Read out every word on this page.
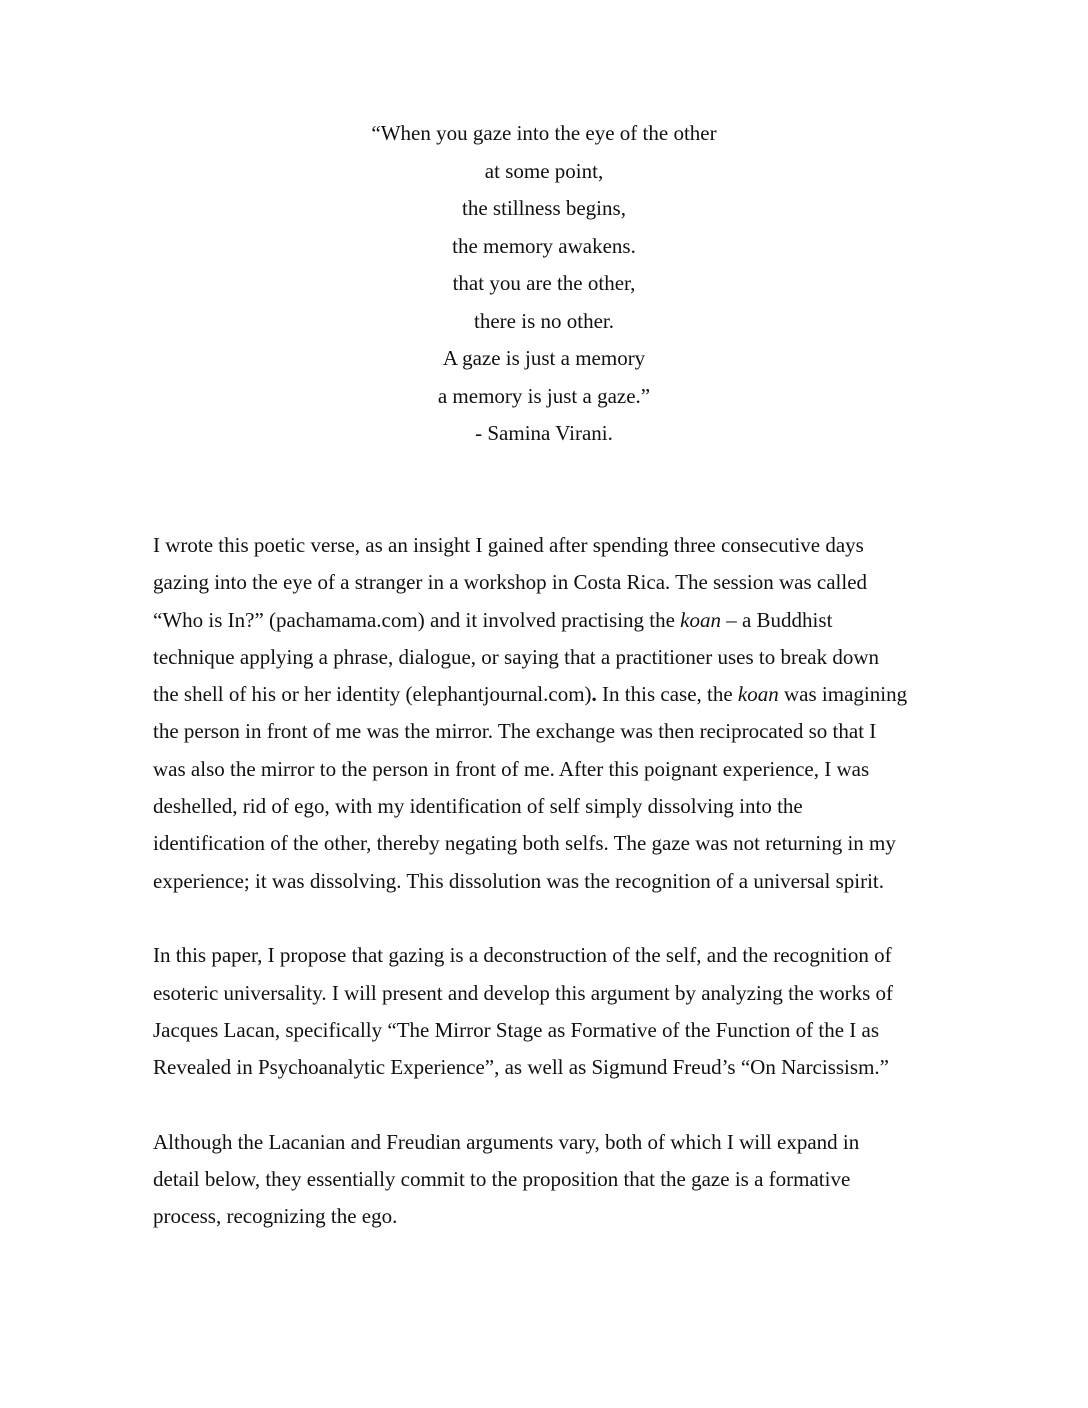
“When you gaze into the eye of the other
at some point,
the stillness begins,
the memory awakens.
that you are the other,
there is no other.
A gaze is just a memory
a memory is just a gaze.”
- Samina Virani.
I wrote this poetic verse, as an insight I gained after spending three consecutive days
gazing into the eye of a stranger in a workshop in Costa Rica. The session was called
“Who is In?” (pachamama.com) and it involved practising the koan – a Buddhist
technique applying a phrase, dialogue, or saying that a practitioner uses to break down
the shell of his or her identity (elephantjournal.com). In this case, the koan was imagining
the person in front of me was the mirror. The exchange was then reciprocated so that I
was also the mirror to the person in front of me. After this poignant experience, I was
deshelled, rid of ego, with my identification of self simply dissolving into the
identification of the other, thereby negating both selfs. The gaze was not returning in my
experience; it was dissolving. This dissolution was the recognition of a universal spirit.
In this paper, I propose that gazing is a deconstruction of the self, and the recognition of
esoteric universality. I will present and develop this argument by analyzing the works of
Jacques Lacan, specifically “The Mirror Stage as Formative of the Function of the I as
Revealed in Psychoanalytic Experience”, as well as Sigmund Freud’s “On Narcissism.”
Although the Lacanian and Freudian arguments vary, both of which I will expand in
detail below, they essentially commit to the proposition that the gaze is a formative
process, recognizing the ego.
